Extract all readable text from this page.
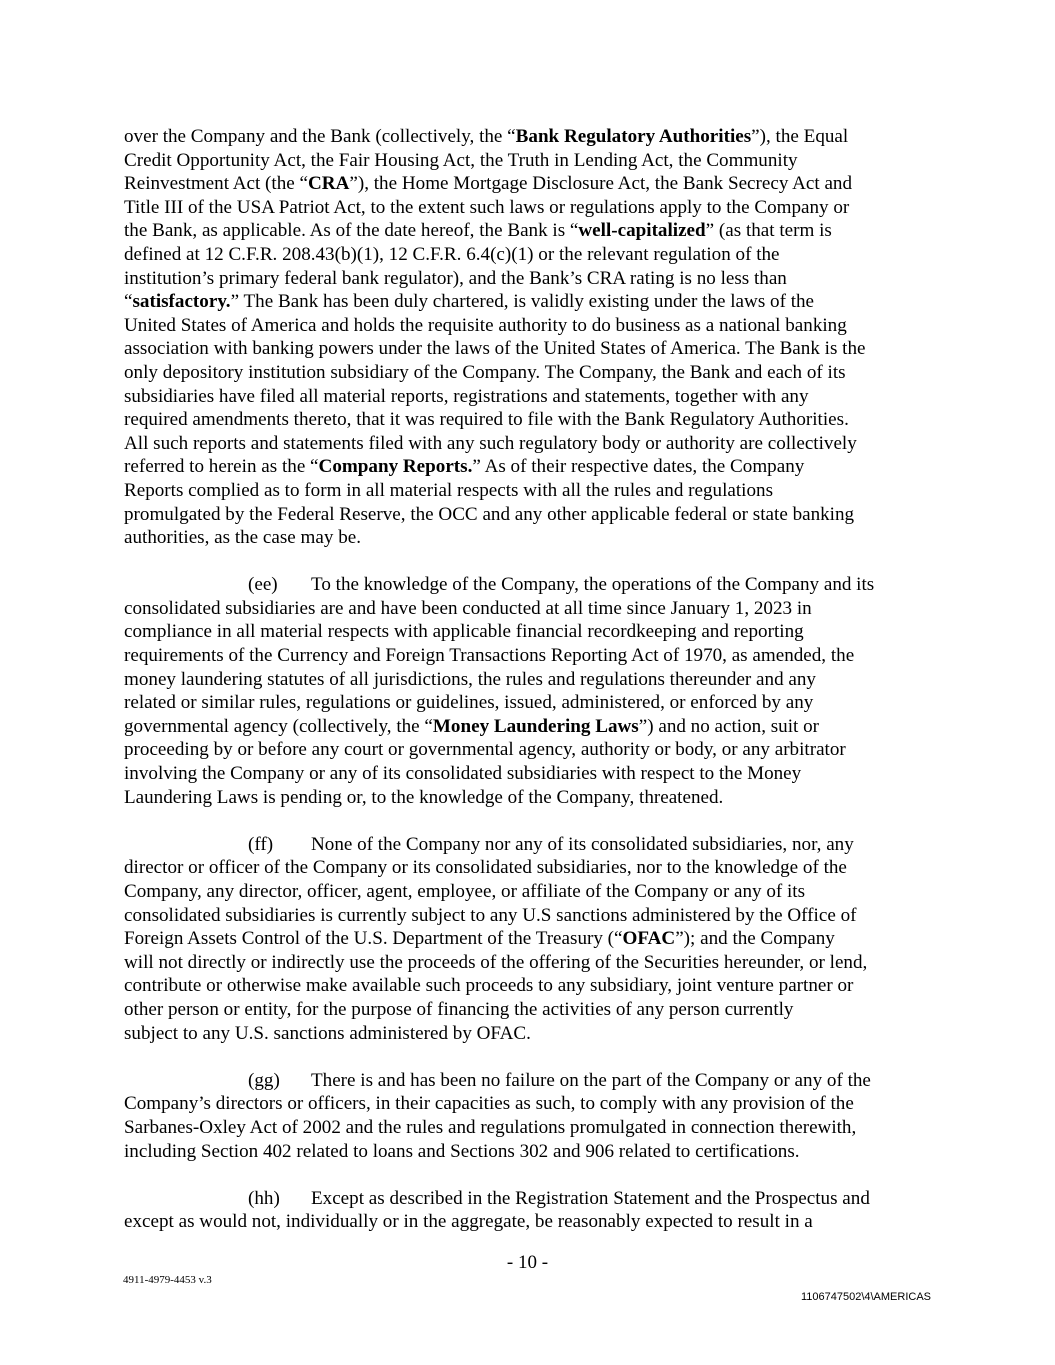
over the Company and the Bank (collectively, the “Bank Regulatory Authorities”), the Equal
Credit Opportunity Act, the Fair Housing Act, the Truth in Lending Act, the Community
Reinvestment Act (the “CRA”), the Home Mortgage Disclosure Act, the Bank Secrecy Act and
Title III of the USA Patriot Act, to the extent such laws or regulations apply to the Company or
the Bank, as applicable. As of the date hereof, the Bank is “well-capitalized” (as that term is
defined at 12 C.F.R. 208.43(b)(1), 12 C.F.R. 6.4(c)(1) or the relevant regulation of the
institution’s primary federal bank regulator), and the Bank’s CRA rating is no less than
“satisfactory.” The Bank has been duly chartered, is validly existing under the laws of the
United States of America and holds the requisite authority to do business as a national banking
association with banking powers under the laws of the United States of America. The Bank is the
only depository institution subsidiary of the Company. The Company, the Bank and each of its
subsidiaries have filed all material reports, registrations and statements, together with any
required amendments thereto, that it was required to file with the Bank Regulatory Authorities.
All such reports and statements filed with any such regulatory body or authority are collectively
referred to herein as the “Company Reports.” As of their respective dates, the Company
Reports complied as to form in all material respects with all the rules and regulations
promulgated by the Federal Reserve, the OCC and any other applicable federal or state banking
authorities, as the case may be.
(ee) To the knowledge of the Company, the operations of the Company and its
consolidated subsidiaries are and have been conducted at all time since January 1, 2023 in
compliance in all material respects with applicable financial recordkeeping and reporting
requirements of the Currency and Foreign Transactions Reporting Act of 1970, as amended, the
money laundering statutes of all jurisdictions, the rules and regulations thereunder and any
related or similar rules, regulations or guidelines, issued, administered, or enforced by any
governmental agency (collectively, the “Money Laundering Laws”) and no action, suit or
proceeding by or before any court or governmental agency, authority or body, or any arbitrator
involving the Company or any of its consolidated subsidiaries with respect to the Money
Laundering Laws is pending or, to the knowledge of the Company, threatened.
(ff) None of the Company nor any of its consolidated subsidiaries, nor, any
director or officer of the Company or its consolidated subsidiaries, nor to the knowledge of the
Company, any director, officer, agent, employee, or affiliate of the Company or any of its
consolidated subsidiaries is currently subject to any U.S sanctions administered by the Office of
Foreign Assets Control of the U.S. Department of the Treasury (“OFAC”); and the Company
will not directly or indirectly use the proceeds of the offering of the Securities hereunder, or lend,
contribute or otherwise make available such proceeds to any subsidiary, joint venture partner or
other person or entity, for the purpose of financing the activities of any person currently
subject to any U.S. sanctions administered by OFAC.
(gg) There is and has been no failure on the part of the Company or any of the
Company’s directors or officers, in their capacities as such, to comply with any provision of the
Sarbanes-Oxley Act of 2002 and the rules and regulations promulgated in connection therewith,
including Section 402 related to loans and Sections 302 and 906 related to certifications.
(hh) Except as described in the Registration Statement and the Prospectus and
except as would not, individually or in the aggregate, be reasonably expected to result in a
- 10 -
4911-4979-4453 v.3
1106747502\4\AMERICAS
